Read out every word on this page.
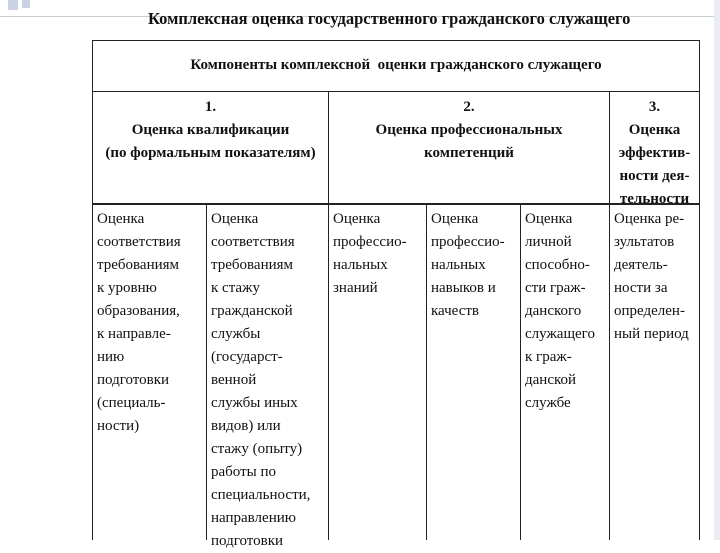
Комплексная оценка государственного гражданского служащего
Компоненты комплексной  оценки гражданского служащего
1.
Оценка квалификации
(по формальным показателям)
2.
Оценка профессиональных
компетенций
3.
Оценка
эффектив-
ности дея-
тельности
Оценка
соответствия
требованиям
к уровню
образования,
к направле-
нию
подготовки
(специаль-
ности)
Оценка
соответствия
требованиям
к стажу
гражданской
службы
(государст-
венной
службы иных
видов) или
стажу (опыту)
работы по
специальности,
направлению
подготовки
Оценка
профессио-
нальных
знаний
Оценка
профессио-
нальных
навыков и
качеств
Оценка
личной
способно-
сти граж-
данского
служащего
к граж-
данской
службе
Оценка ре-
зультатов
деятель-
ности за
определен-
ный период
